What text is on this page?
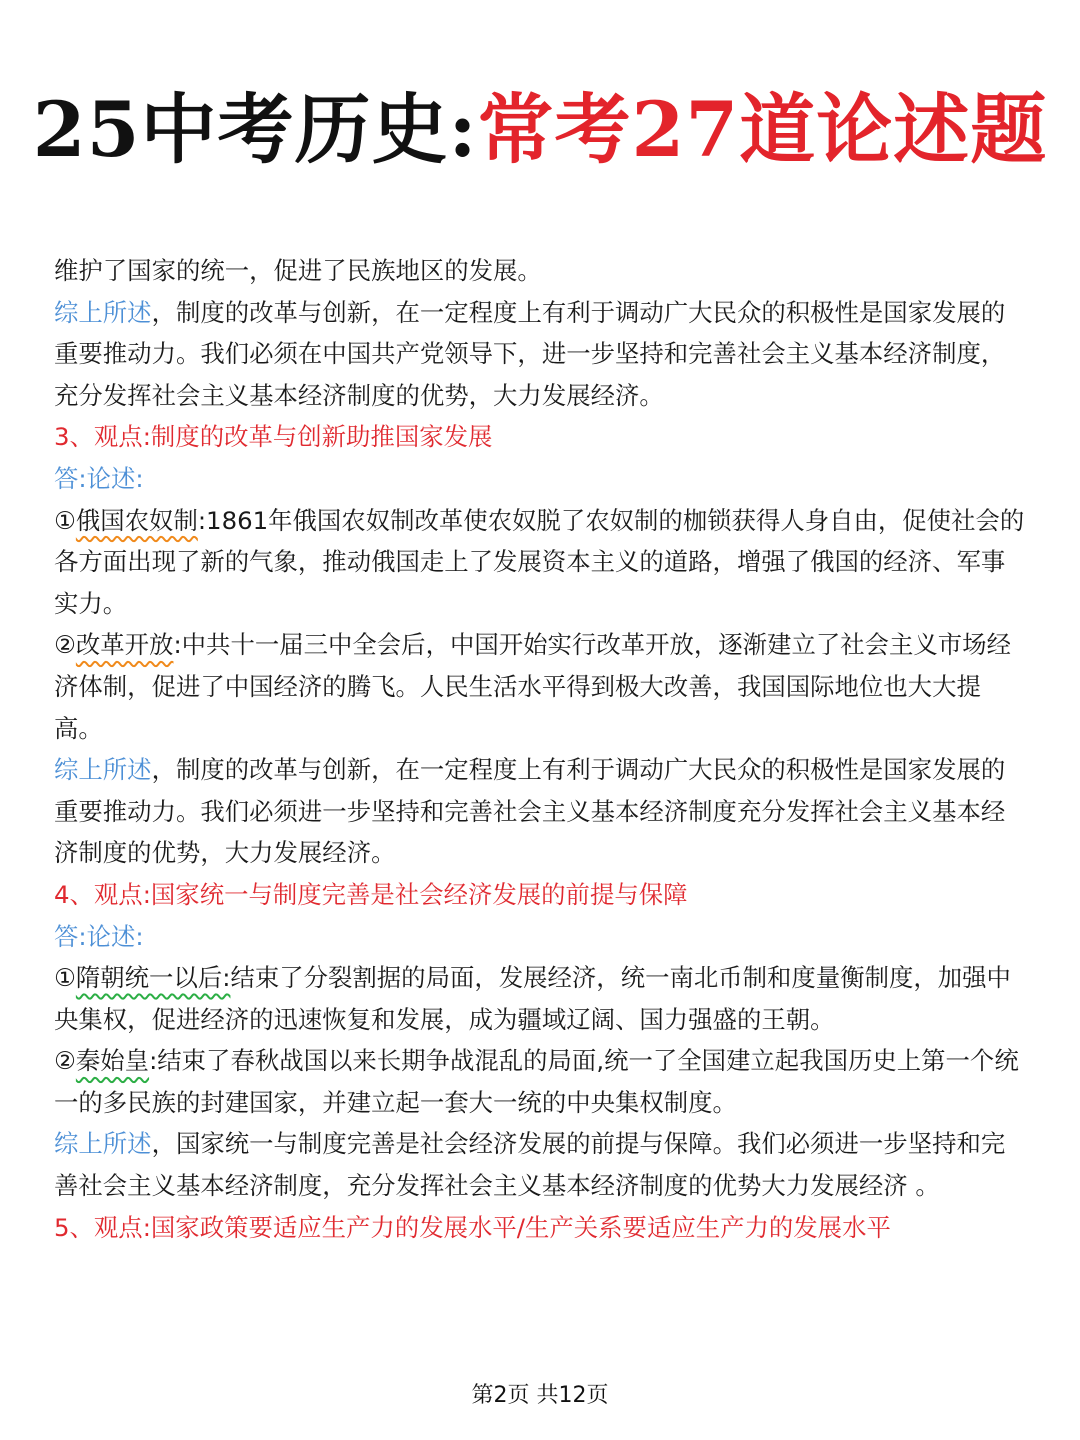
25中考历史:常考27道论述题

维护了国家的统一，促进了民族地区的发展。

综上所述，制度的改革与创新，在一定程度上有利于调动广大民众的积极性是国家发展的重要推动力。我们必须在中国共产党领导下，进一步坚持和完善社会主义基本经济制度，充分发挥社会主义基本经济制度的优势，大力发展经济。

3、观点:制度的改革与创新助推国家发展

答:论述:

①俄国农奴制:1861年俄国农奴制改革使农奴脱了农奴制的枷锁获得人身自由，促使社会的各方面出现了新的气象，推动俄国走上了发展资本主义的道路，增强了俄国的经济、军事实力。

②改革开放:中共十一届三中全会后，中国开始实行改革开放，逐渐建立了社会主义市场经济体制，促进了中国经济的腾飞。人民生活水平得到极大改善，我国国际地位也大大提高。

综上所述，制度的改革与创新，在一定程度上有利于调动广大民众的积极性是国家发展的重要推动力。我们必须进一步坚持和完善社会主义基本经济制度充分发挥社会主义基本经济制度的优势，大力发展经济。

4、观点:国家统一与制度完善是社会经济发展的前提与保障

答:论述:

①隋朝统一以后:结束了分裂割据的局面，发展经济，统一南北币制和度量衡制度，加强中央集权，促进经济的迅速恢复和发展，成为疆域辽阔、国力强盛的王朝。

②秦始皇:结束了春秋战国以来长期争战混乱的局面,统一了全国建立起我国历史上第一个统一的多民族的封建国家，并建立起一套大一统的中央集权制度。

综上所述，国家统一与制度完善是社会经济发展的前提与保障。我们必须进一步坚持和完善社会主义基本经济制度，充分发挥社会主义基本经济制度的优势大力发展经济 。

5、观点:国家政策要适应生产力的发展水平/生产关系要适应生产力的发展水平

第2页 共12页
